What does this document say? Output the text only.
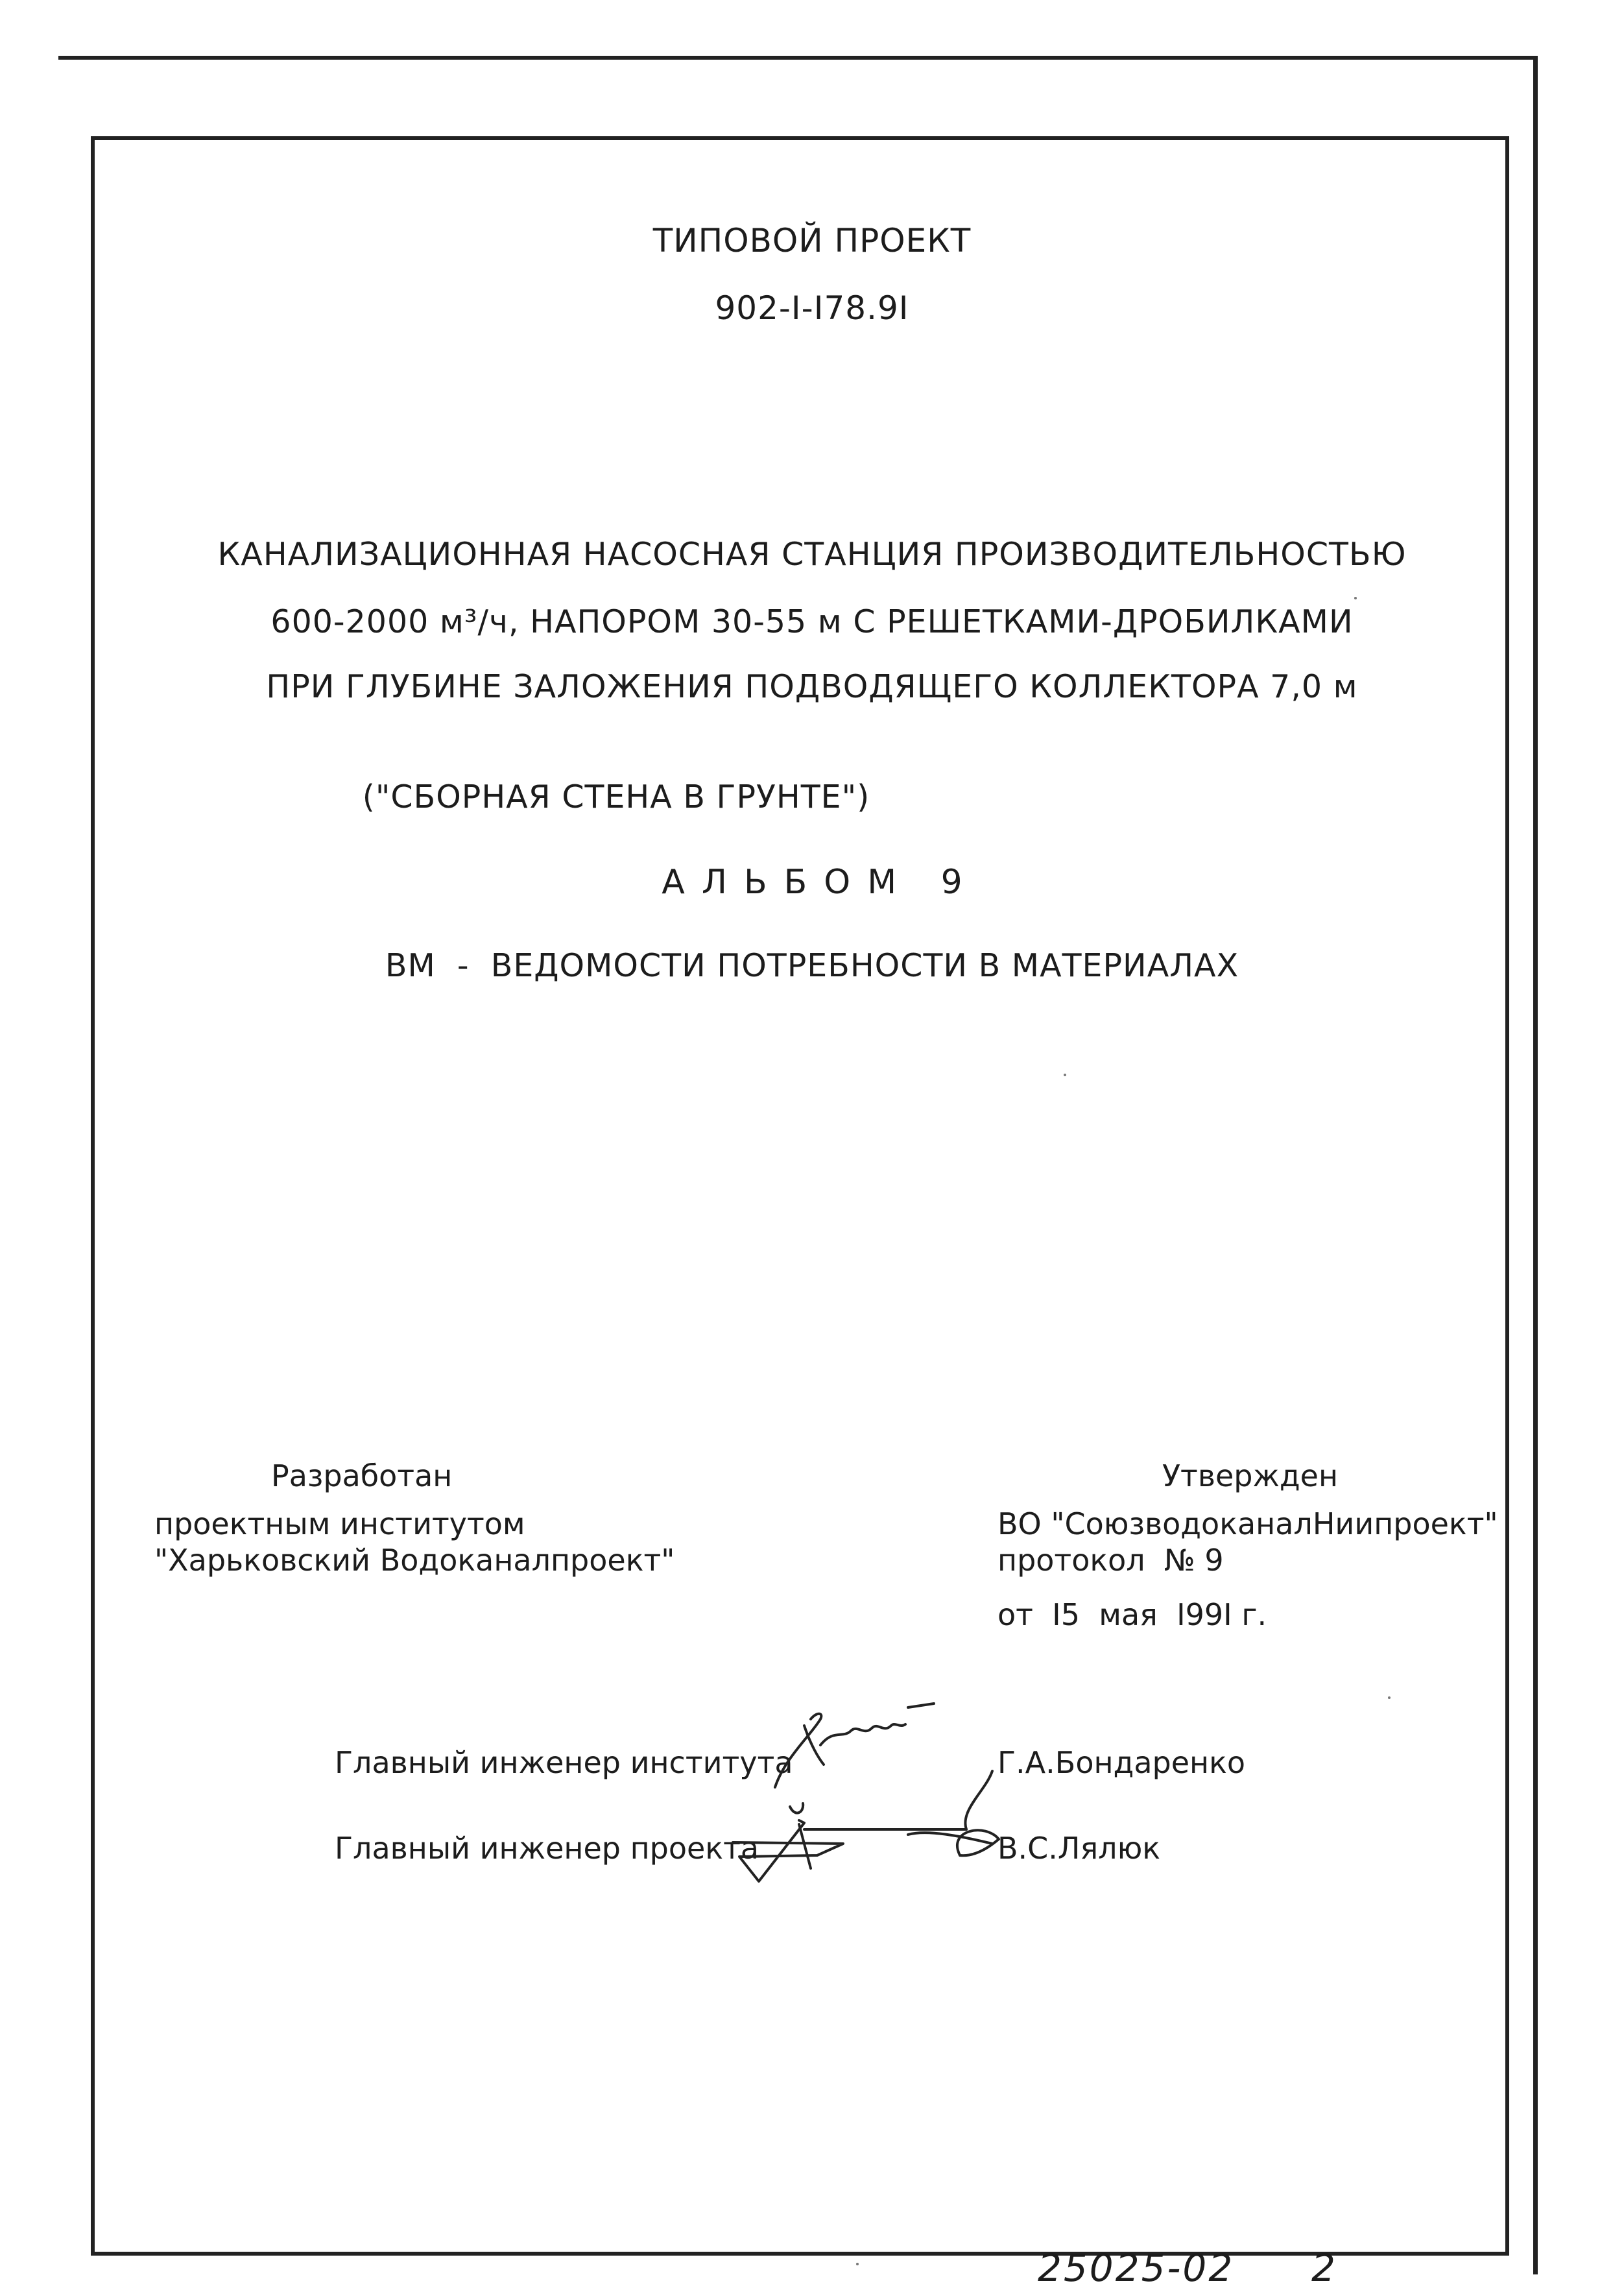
ТИПОВОЙ ПРОЕКТ
902-I-I78.9I
КАНАЛИЗАЦИОННАЯ НАСОСНАЯ СТАНЦИЯ ПРОИЗВОДИТЕЛЬНОСТЬЮ
600-2000 м³/ч, НАПОРОМ 30-55 м С РЕШЕТКАМИ-ДРОБИЛКАМИ
ПРИ ГЛУБИНЕ ЗАЛОЖЕНИЯ ПОДВОДЯЩЕГО КОЛЛЕКТОРА 7,0 м
("СБОРНАЯ СТЕНА В ГРУНТЕ")
АЛЬБОМ 9
ВМ  -  ВЕДОМОСТИ ПОТРЕБНОСТИ В МАТЕРИАЛАХ
Разработан
проектным институтом
"Харьковский Водоканалпроект"
Утвержден
ВО "СоюзводоканалНиипроект"
протокол  № 9
от  I5  мая  I99I г.
Главный инженер института	Г.А.Бондаренко
Главный инженер проекта	В.С.Лялюк
25025-02 2
